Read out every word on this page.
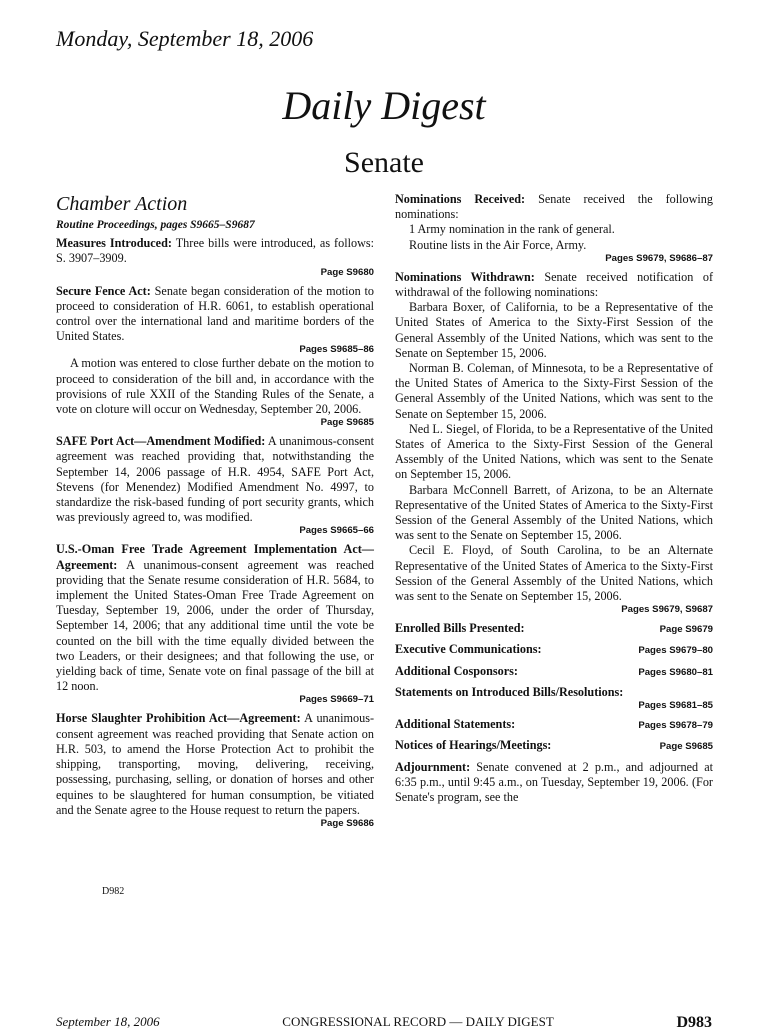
Monday, September 18, 2006
Daily Digest
Senate
Chamber Action
Routine Proceedings, pages S9665–S9687
Measures Introduced: Three bills were introduced, as follows: S. 3907–3909.
Page S9680
Secure Fence Act: Senate began consideration of the motion to proceed to consideration of H.R. 6061, to establish operational control over the international land and maritime borders of the United States.
Pages S9685–86

A motion was entered to close further debate on the motion to proceed to consideration of the bill and, in accordance with the provisions of rule XXII of the Standing Rules of the Senate, a vote on cloture will occur on Wednesday, September 20, 2006.

Page S9685
SAFE Port Act—Amendment Modified: A unanimous-consent agreement was reached providing that, notwithstanding the September 14, 2006 passage of H.R. 4954, SAFE Port Act, Stevens (for Menendez) Modified Amendment No. 4997, to standardize the risk-based funding of port security grants, which was previously agreed to, was modified.
Pages S9665–66
U.S.-Oman Free Trade Agreement Implementation Act—Agreement: A unanimous-consent agreement was reached providing that the Senate resume consideration of H.R. 5684, to implement the United States-Oman Free Trade Agreement on Tuesday, September 19, 2006, under the order of Thursday, September 14, 2006; that any additional time until the vote be counted on the bill with the time equally divided between the two Leaders, or their designees; and that following the use, or yielding back of time, Senate vote on final passage of the bill at 12 noon.
Pages S9669–71
Horse Slaughter Prohibition Act—Agreement: A unanimous-consent agreement was reached providing that Senate action on H.R. 503, to amend the Horse Protection Act to prohibit the shipping, transporting, moving, delivering, receiving, possessing, purchasing, selling, or donation of horses and other equines to be slaughtered for human consumption, be vitiated and the Senate agree to the House request to return the papers.
Page S9686
D982
Nominations Received: Senate received the following nominations:

1 Army nomination in the rank of general.

Routine lists in the Air Force, Army.

Pages S9679, S9686–87
Nominations Withdrawn: Senate received notification of withdrawal of the following nominations:

Barbara Boxer, of California, to be a Representative of the United States of America to the Sixty-First Session of the General Assembly of the United Nations, which was sent to the Senate on September 15, 2006.

Norman B. Coleman, of Minnesota, to be a Representative of the United States of America to the Sixty-First Session of the General Assembly of the United Nations, which was sent to the Senate on September 15, 2006.

Ned L. Siegel, of Florida, to be a Representative of the United States of America to the Sixty-First Session of the General Assembly of the United Nations, which was sent to the Senate on September 15, 2006.

Barbara McConnell Barrett, of Arizona, to be an Alternate Representative of the United States of America to the Sixty-First Session of the General Assembly of the United Nations, which was sent to the Senate on September 15, 2006.

Cecil E. Floyd, of South Carolina, to be an Alternate Representative of the United States of America to the Sixty-First Session of the General Assembly of the United Nations, which was sent to the Senate on September 15, 2006.

Pages S9679, S9687
Enrolled Bills Presented:	Page S9679
Executive Communications:	Pages S9679–80
Additional Cosponsors:	Pages S9680–81
Statements on Introduced Bills/Resolutions:
Pages S9681–85
Additional Statements:	Pages S9678–79
Notices of Hearings/Meetings:	Page S9685
Adjournment: Senate convened at 2 p.m., and adjourned at 6:35 p.m., until 9:45 a.m., on Tuesday, September 19, 2006. (For Senate's program, see the
September 18, 2006	CONGRESSIONAL RECORD — DAILY DIGEST	D983
